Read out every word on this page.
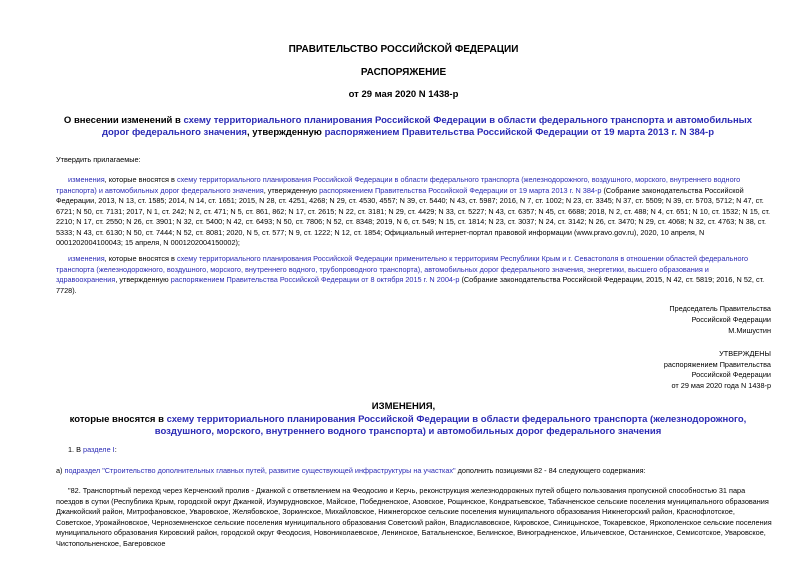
ПРАВИТЕЛЬСТВО РОССИЙСКОЙ ФЕДЕРАЦИИ
РАСПОРЯЖЕНИЕ
от 29 мая 2020 N 1438-р
О внесении изменений в схему территориального планирования Российской Федерации в области федерального транспорта и автомобильных дорог федерального значения, утвержденную распоряжением Правительства Российской Федерации от 19 марта 2013 г. N 384-р
Утвердить прилагаемые:
изменения, которые вносятся в схему территориального планирования Российской Федерации в области федерального транспорта (железнодорожного, воздушного, морского, внутреннего водного транспорта) и автомобильных дорог федерального значения, утвержденную распоряжением Правительства Российской Федерации от 19 марта 2013 г. N 384-р (Собрание законодательства Российской Федерации, 2013, N 13, ст. 1585; 2014, N 14, ст. 1651; 2015, N 28, ст. 4251, 4268; N 29, ст. 4530, 4557; N 39, ст. 5440; N 43, ст. 5987; 2016, N 7, ст. 1002; N 23, ст. 3345; N 37, ст. 5509; N 39, ст. 5703, 5712; N 47, ст. 6721; N 50, ст. 7131; 2017, N 1, ст. 242; N 2, ст. 471; N 5, ст. 861, 862; N 17, ст. 2615; N 22, ст. 3181; N 29, ст. 4429; N 33, ст. 5227; N 43, ст. 6357; N 45, ст. 6688; 2018, N 2, ст. 488; N 4, ст. 651; N 10, ст. 1532; N 15, ст. 2210; N 17, ст. 2550; N 26, ст. 3901; N 32, ст. 5400; N 42, ст. 6493; N 50, ст. 7806; N 52, ст. 8348; 2019, N 6, ст. 549; N 15, ст. 1814; N 23, ст. 3037; N 24, ст. 3142; N 26, ст. 3470; N 29, ст. 4068; N 32, ст. 4763; N 38, ст. 5333; N 43, ст. 6130; N 50, ст. 7444; N 52, ст. 8081; 2020, N 5, ст. 577; N 9, ст. 1222; N 12, ст. 1854; Официальный интернет-портал правовой информации (www.pravo.gov.ru), 2020, 10 апреля, N 0001202004100043; 15 апреля, N 0001202004150002);
изменения, которые вносятся в схему территориального планирования Российской Федерации применительно к территориям Республики Крым и г. Севастополя в отношении областей федерального транспорта (железнодорожного, воздушного, морского, внутреннего водного, трубопроводного транспорта), автомобильных дорог федерального значения, энергетики, высшего образования и здравоохранения, утвержденную распоряжением Правительства Российской Федерации от 8 октября 2015 г. N 2004-р (Собрание законодательства Российской Федерации, 2015, N 42, ст. 5819; 2016, N 52, ст. 7728).
Председатель Правительства
Российской Федерации
М.Мишустин
УТВЕРЖДЕНЫ
распоряжением Правительства
Российской Федерации
от 29 мая 2020 года N 1438-р
ИЗМЕНЕНИЯ,
которые вносятся в схему территориального планирования Российской Федерации в области федерального транспорта (железнодорожного, воздушного, морского, внутреннего водного транспорта) и автомобильных дорог федерального значения
1. В разделе I:
а) подраздел "Строительство дополнительных главных путей, развитие существующей инфраструктуры на участках" дополнить позициями 82 - 84 следующего содержания:
"82. Транспортный переход через Керченский пролив - Джанкой с ответвлением на Феодосию и Керчь, реконструкция железнодорожных путей общего пользования пропускной способностью 31 пара поездов в сутки (Республика Крым, городской округ Джанкой, Изумрудновское, Майское, Победненское, Азовское, Рощинское, Кондратьевское, Табачненское сельские поселения муниципального образования Джанкойский район, Митрофановское, Уваровское, Желябовское, Зоркинское, Михайловское, Нижнегорское сельские поселения муниципального образования Нижнегорский район, Краснофлотское, Советское, Урожайновское, Черноземненское сельские поселения муниципального образования Советский район, Владиславовское, Кировское, Синицынское, Токаревское, Яркополенское сельские поселения муниципального образования Кировский район, городской округ Феодосия, Новониколаевское, Ленинское, Батальненское, Белинское, Виноградненское, Ильичевское, Останинское, Семисотское, Уваровское, Чистопольненское, Багеровское
